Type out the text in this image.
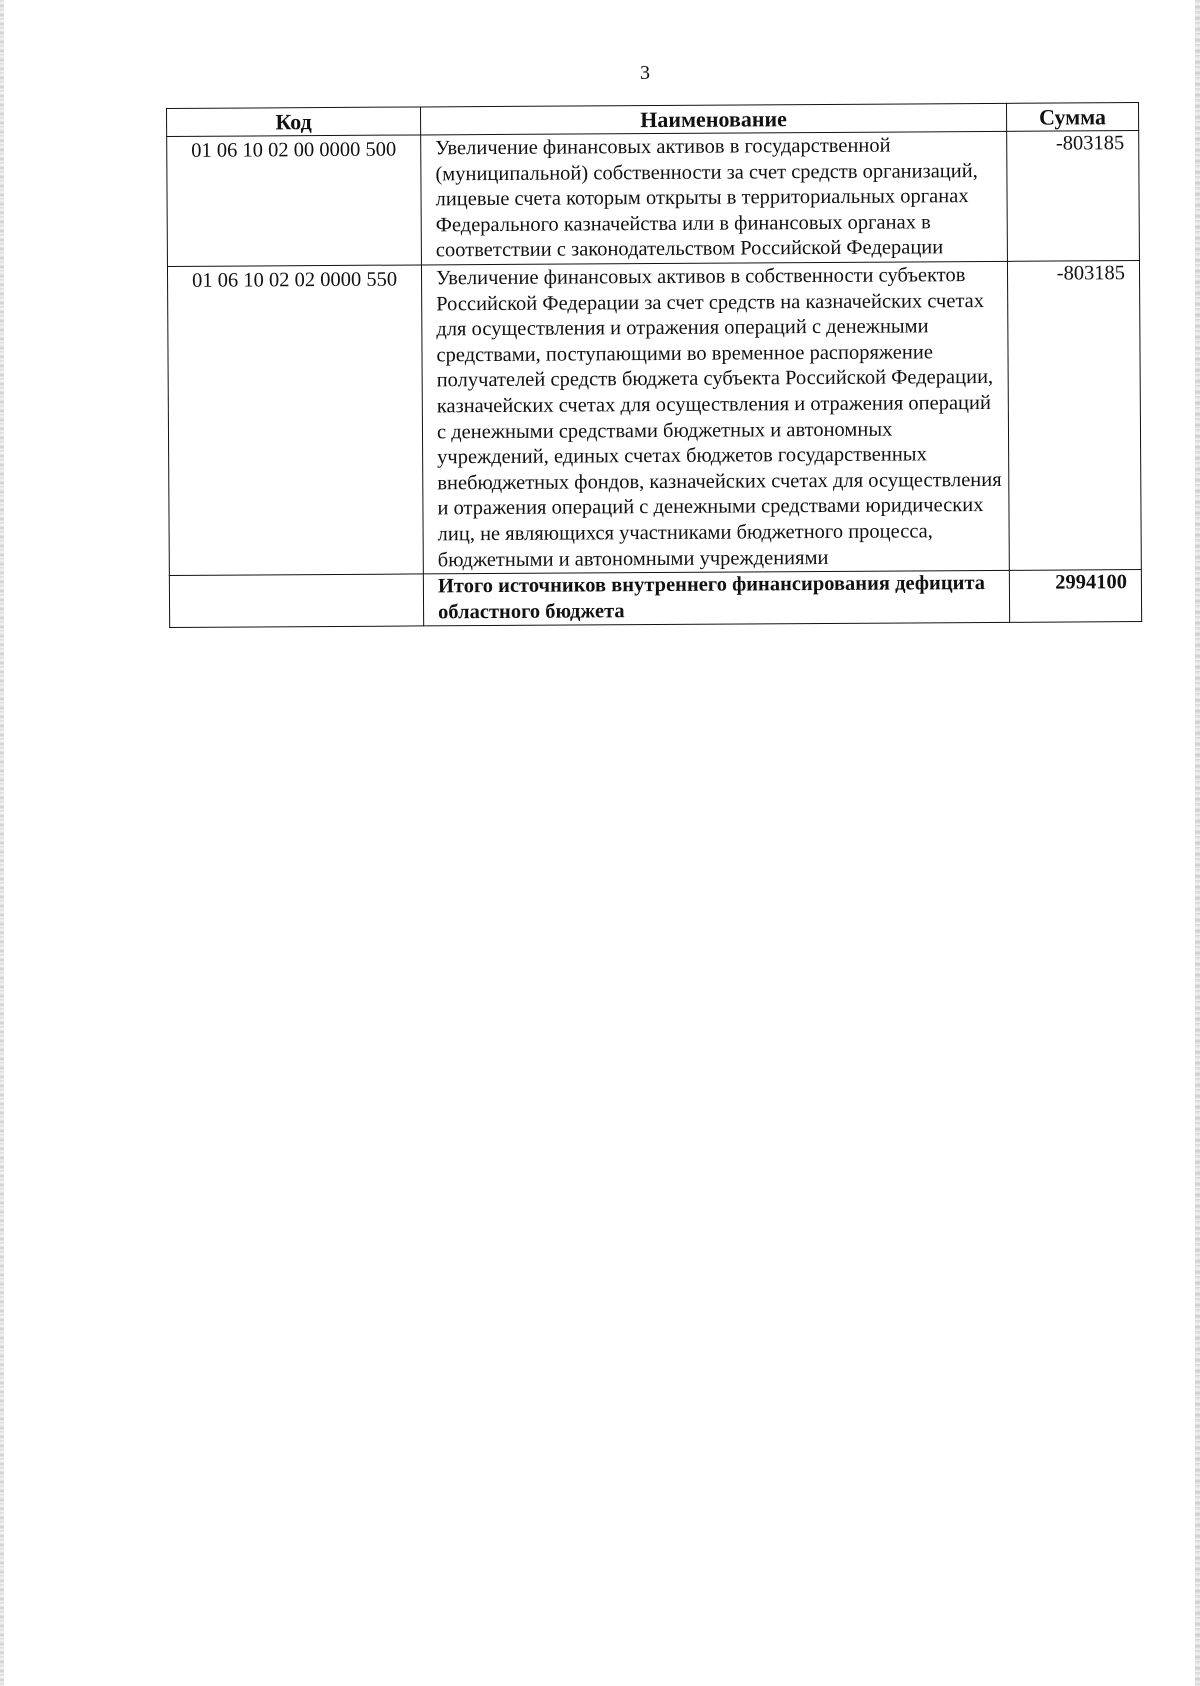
3
Код	Наименование	Сумма
01 06 10 02 00 0000 500	Увеличение финансовых активов в государственной (муниципальной) собственности за счет средств организаций, лицевые счета которым открыты в территориальных органах Федерального казначейства или в финансовых органах в соответствии с законодательством Российской Федерации	-803185
01 06 10 02 02 0000 550	Увеличение финансовых активов в собственности субъектов Российской Федерации за счет средств на казначейских счетах для осуществления и отражения операций с денежными средствами, поступающими во временное распоряжение получателей средств бюджета субъекта Российской Федерации, казначейских счетах для осуществления и отражения операций с денежными средствами бюджетных и автономных учреждений, единых счетах бюджетов государственных внебюджетных фондов, казначейских счетах для осуществления и отражения операций с денежными средствами юридических лиц, не являющихся участниками бюджетного процесса, бюджетными и автономными учреждениями	-803185
	Итого источников внутреннего финансирования дефицита областного бюджета	2994100
